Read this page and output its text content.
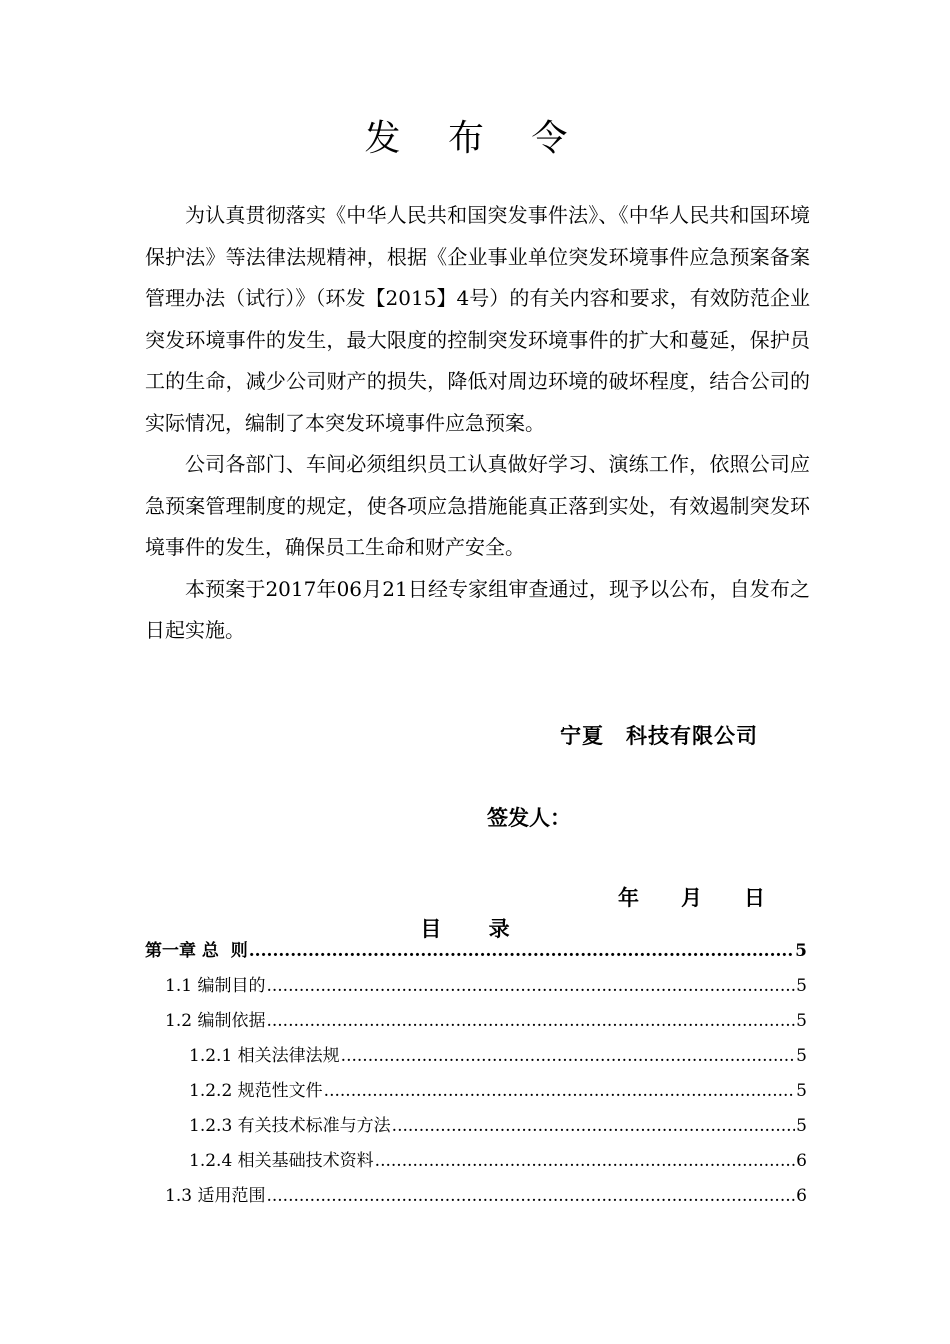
发 布 令

为认真贯彻落实《中华人民共和国突发事件法》、《中华人民共和国环境保护法》等法律法规精神，根据《企业事业单位突发环境事件应急预案备案管理办法（试行）》（环发【2015】4号）的有关内容和要求，有效防范企业突发环境事件的发生，最大限度的控制突发环境事件的扩大和蔓延，保护员工的生命，减少公司财产的损失，降低对周边环境的破坏程度，结合公司的实际情况，编制了本突发环境事件应急预案。

公司各部门、车间必须组织员工认真做好学习、演练工作，依照公司应急预案管理制度的规定，使各项应急措施能真正落到实处，有效遏制突发环境事件的发生，确保员工生命和财产安全。

本预案于2017年06月21日经专家组审查通过，现予以公布，自发布之日起实施。

宁夏　科技有限公司
签发人：
年 月 日
目 录
第一章 总  则 .....	5
1.1 编制目的 .....	5
1.2 编制依据 .....	5
1.2.1 相关法律法规 .....	5
1.2.2 规范性文件 .....	5
1.2.3 有关技术标准与方法 .....	5
1.2.4 相关基础技术资料 .....	6
1.3 适用范围 .....	6
